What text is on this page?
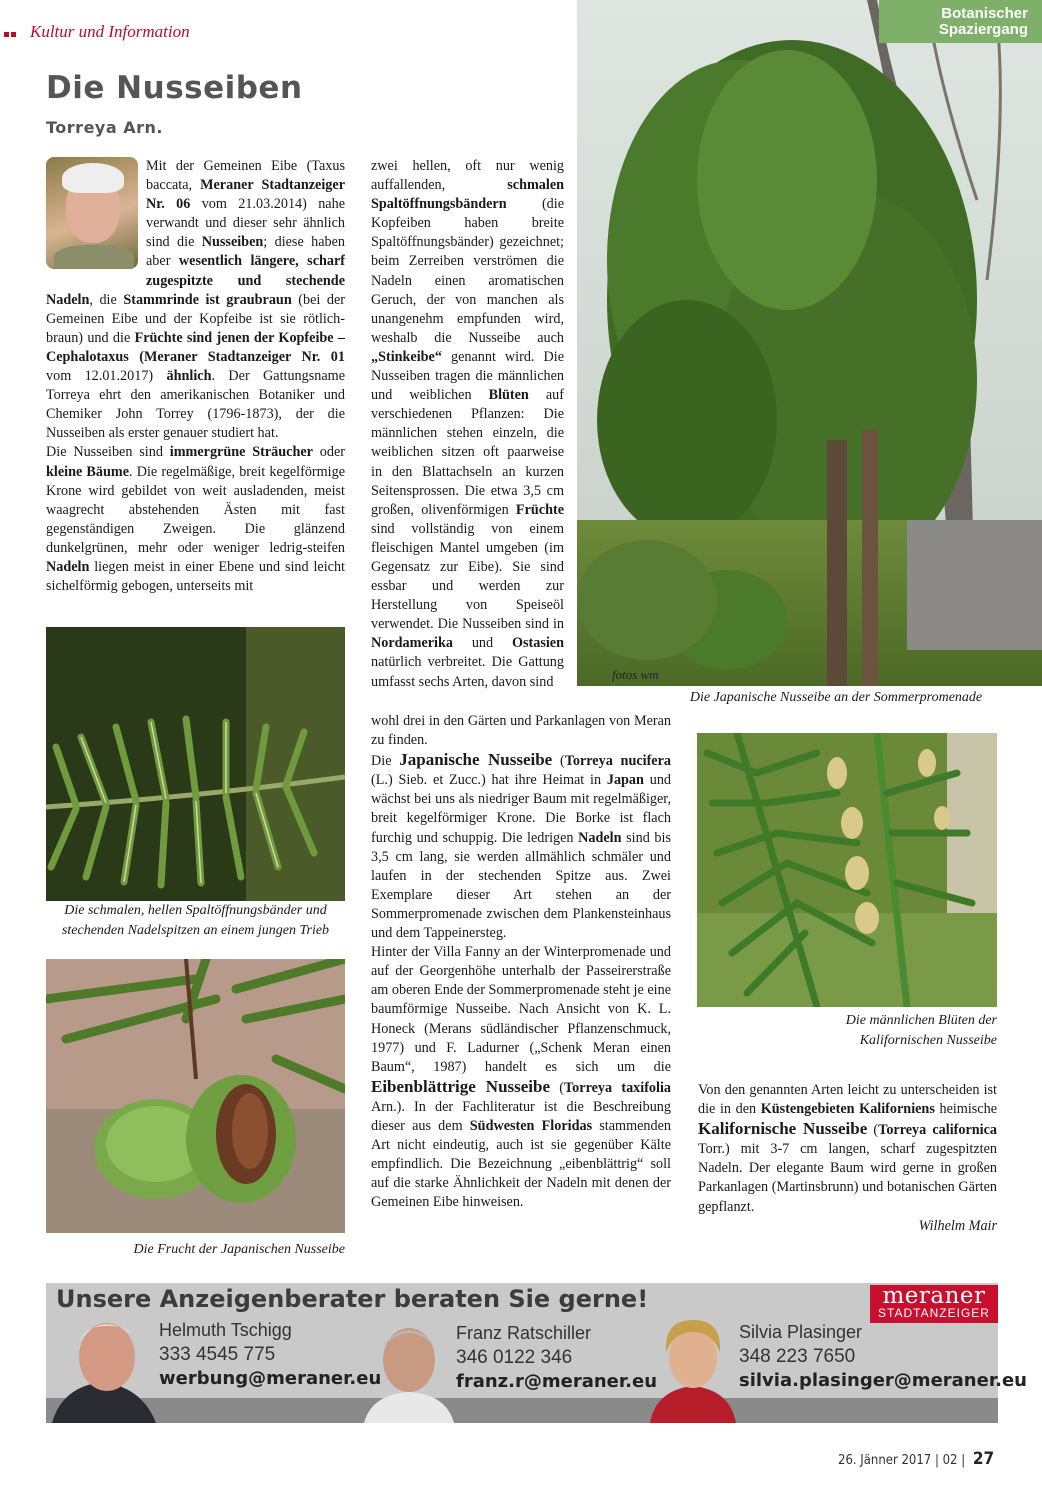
Kultur und Information
Botanischer
Spaziergang
fotos wm
Die Japanische Nusseibe an der Sommerpromenade
Die Nusseiben
Torreya Arn.

Mit der Gemeinen Eibe (Taxus baccata, Meraner Stadtanzeiger Nr. 06 vom 21.03.2014) nahe verwandt und dieser sehr ähnlich sind die Nusseiben; diese haben aber wesentlich längere, scharf zugespitzte und stechende Nadeln, die Stammrinde ist graubraun (bei der Gemeinen Eibe und der Kopfeibe ist sie rötlich-braun) und die Früchte sind jenen der Kopfeibe – Cephalotaxus (Meraner Stadtanzeiger Nr. 01 vom 12.01.2017) ähnlich. Der Gattungsname Torreya ehrt den amerikanischen Botaniker und Chemiker John Torrey (1796-1873), der die Nusseiben als erster genauer studiert hat.

Die Nusseiben sind immergrüne Sträucher oder kleine Bäume. Die regelmäßige, breit kegelförmige Krone wird gebildet von weit ausladenden, meist waagrecht abstehenden Ästen mit fast gegenständigen Zweigen. Die glänzend dunkelgrünen, mehr oder weniger ledrig-steifen Nadeln liegen meist in einer Ebene und sind leicht sichelförmig gebogen, unterseits mit

Die schmalen, hellen Spaltöffnungsbänder und
stechenden Nadelspitzen an einem jungen Trieb
Die Frucht der Japanischen Nusseibe

zwei hellen, oft nur wenig auffallenden, schmalen Spaltöffnungsbändern (die Kopfeiben haben breite Spaltöffnungsbänder) gezeichnet; beim Zerreiben verströmen die Nadeln einen aromatischen Geruch, der von manchen als unangenehm empfunden wird, weshalb die Nusseibe auch „Stinkeibe“ genannt wird. Die Nusseiben tragen die männlichen und weiblichen Blüten auf verschiedenen Pflanzen: Die männlichen stehen einzeln, die weiblichen sitzen oft paarweise in den Blattachseln an kurzen Seitensprossen. Die etwa 3,5 cm großen, olivenförmigen Früchte sind vollständig von einem fleischigen Mantel umgeben (im Gegensatz zur Eibe). Sie sind essbar und werden zur Herstellung von Speiseöl verwendet. Die Nusseiben sind in Nordamerika und Ostasien natürlich verbreitet. Die Gattung umfasst sechs Arten, davon sind

wohl drei in den Gärten und Parkanlagen von Meran zu finden.

Die Japanische Nusseibe (Torreya nucifera (L.) Sieb. et Zucc.) hat ihre Heimat in Japan und wächst bei uns als niedriger Baum mit regelmäßiger, breit kegelförmiger Krone. Die Borke ist flach furchig und schuppig. Die ledrigen Nadeln sind bis 3,5 cm lang, sie werden allmählich schmäler und laufen in der stechenden Spitze aus. Zwei Exemplare dieser Art stehen an der Sommerpromenade zwischen dem Plankensteinhaus und dem Tappeinersteg.

Hinter der Villa Fanny an der Winterpromenade und auf der Georgenhöhe unterhalb der Passeirerstraße am oberen Ende der Sommerpromenade steht je eine baumförmige Nusseibe. Nach Ansicht von K. L. Honeck (Merans südländischer Pflanzenschmuck, 1977) und F. Ladurner („Schenk Meran einen Baum“, 1987) handelt es sich um die Eibenblättrige Nusseibe (Torreya taxifolia Arn.). In der Fachliteratur ist die Beschreibung dieser aus dem Südwesten Floridas stammenden Art nicht eindeutig, auch ist sie gegenüber Kälte empfindlich. Die Bezeichnung „eibenblättrig“ soll auf die starke Ähnlichkeit der Nadeln mit denen der Gemeinen Eibe hinweisen.

Die männlichen Blüten der
Kalifornischen Nusseibe

Von den genannten Arten leicht zu unterscheiden ist die in den Küstengebieten Kaliforniens heimische Kalifornische Nusseibe (Torreya californica Torr.) mit 3-7 cm langen, scharf zugespitzten Nadeln. Der elegante Baum wird gerne in großen Parkanlagen (Martinsbrunn) und botanischen Gärten gepflanzt.

Wilhelm Mair

Unsere Anzeigenberater beraten Sie gerne!	meraner
STADTANZEIGER
Helmuth Tschigg
333 4545 775
werbung@meraner.eu
Franz Ratschiller
346 0122 346
franz.r@meraner.eu
Silvia Plasinger
348 223 7650
silvia.plasinger@meraner.eu
26. Jänner 2017 | 02 | 27
